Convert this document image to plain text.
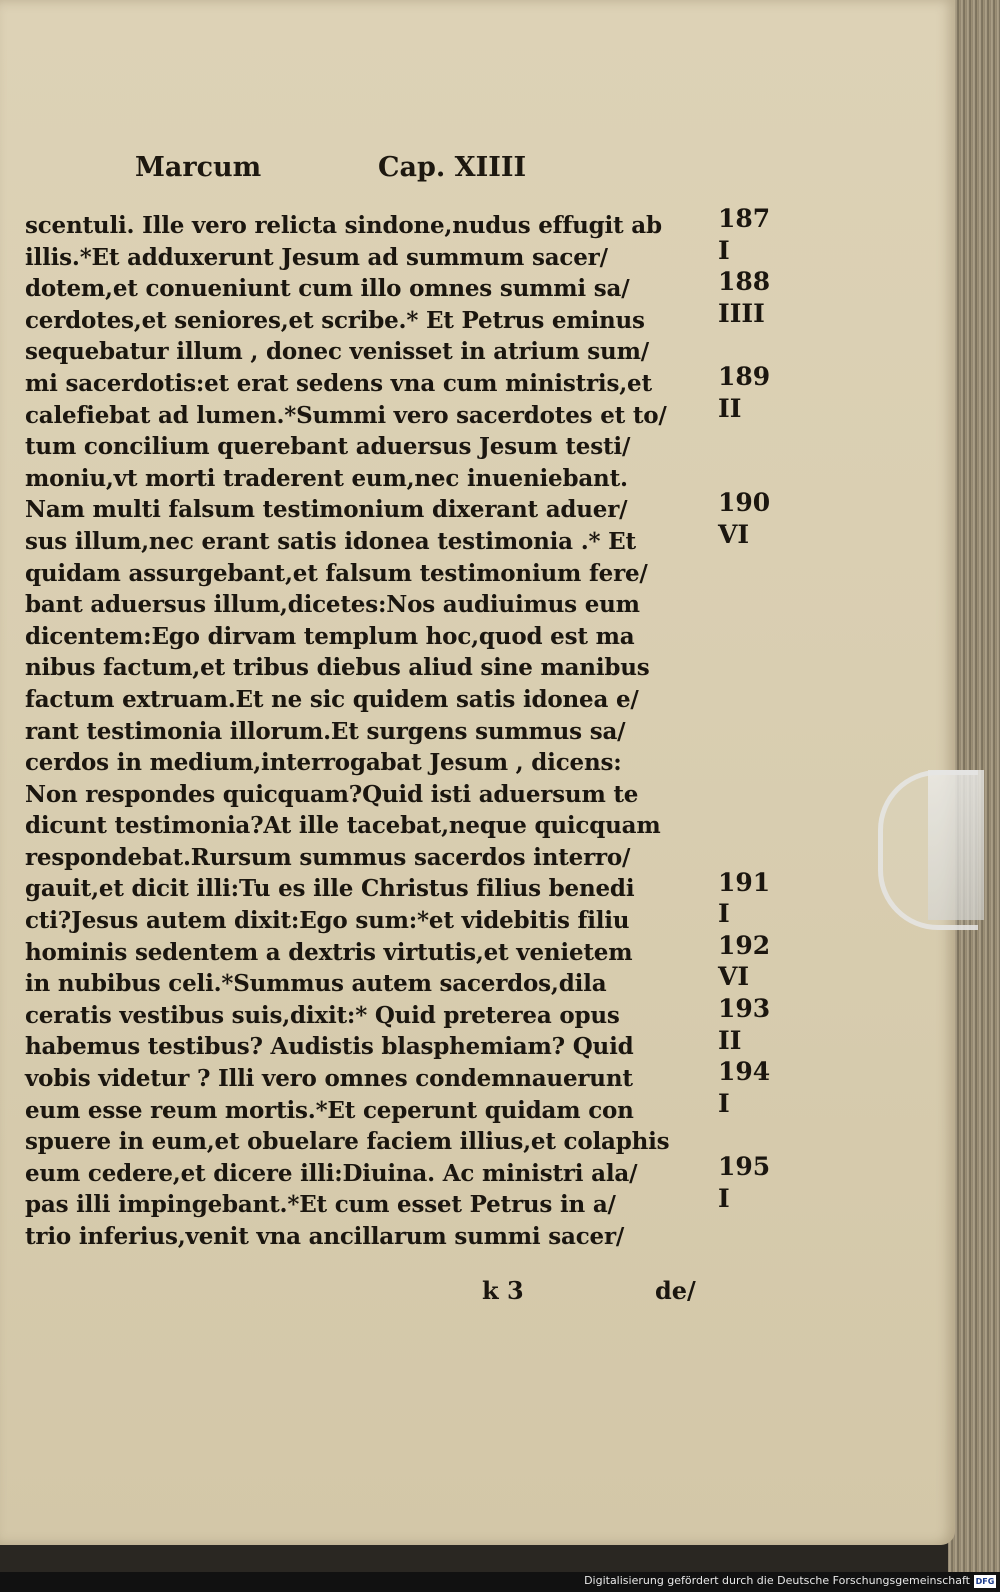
Marcum	Cap. XIIII
scentuli. Ille vero relicta sindone,nudus effugit ab
illis.*Et adduxerunt Jesum ad summum sacer/
dotem,et conueniunt cum illo omnes summi sa/
cerdotes,et seniores,et scribe.* Et Petrus eminus
sequebatur illum , donec venisset in atrium sum/
mi sacerdotis:et erat sedens vna cum ministris,et
calefiebat ad lumen.*Summi vero sacerdotes et to/
tum concilium querebant aduersus Jesum testi/
moniu,vt morti traderent eum,nec inueniebant.
Nam multi falsum testimonium dixerant aduer/
sus illum,nec erant satis idonea testimonia .* Et
quidam assurgebant,et falsum testimonium fere/
bant aduersus illum,dicetes:Nos audiuimus eum
dicentem:Ego dirvam templum hoc,quod est ma
nibus factum,et tribus diebus aliud sine manibus
factum extruam.Et ne sic quidem satis idonea e/
rant testimonia illorum.Et surgens summus sa/
cerdos in medium,interrogabat Jesum , dicens:
Non respondes quicquam?Quid isti aduersum te
dicunt testimonia?At ille tacebat,neque quicquam
respondebat.Rursum summus sacerdos interro/
gauit,et dicit illi:Tu es ille Christus filius benedi
cti?Jesus autem dixit:Ego sum:*et videbitis filiu
hominis sedentem a dextris virtutis,et venietem
in nubibus celi.*Summus autem sacerdos,dila
ceratis vestibus suis,dixit:* Quid preterea opus
habemus testibus? Audistis blasphemiam? Quid
vobis videtur ? Illi vero omnes condemnauerunt
eum esse reum mortis.*Et ceperunt quidam con
spuere in eum,et obuelare faciem illius,et colaphis
eum cedere,et dicere illi:Diuina. Ac ministri ala/
pas illi impingebant.*Et cum esset Petrus in a/
trio inferius,venit vna ancillarum summi sacer/
187
I
188
IIII
189
II
190
VI
191
I
192
VI
193
II
194
I
195
I
k 3	de/
Digitalisierung gefördert durch die Deutsche Forschungsgemeinschaft DFG
